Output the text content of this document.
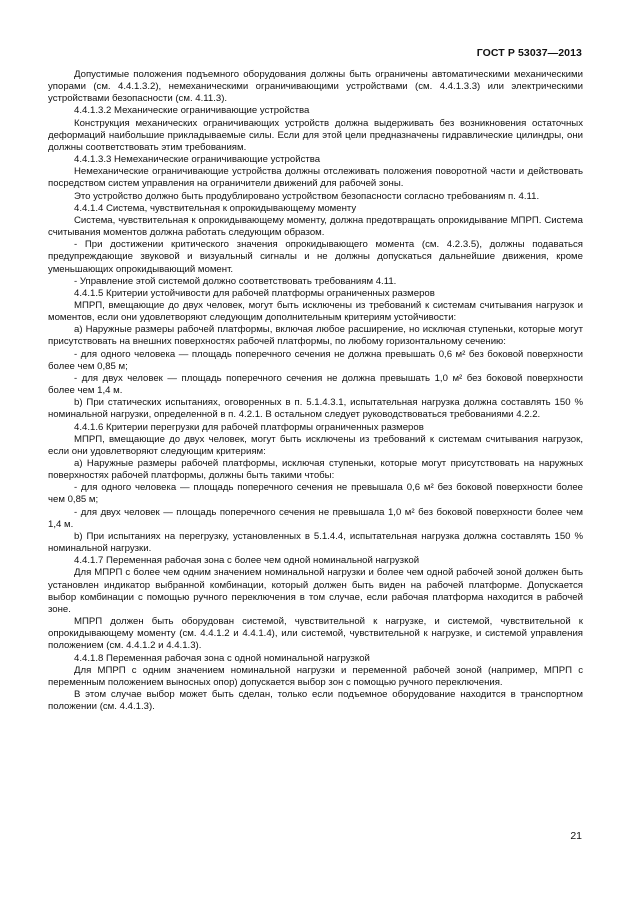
ГОСТ Р 53037—2013

Допустимые положения подъемного оборудования должны быть ограничены автоматическими механическими упорами (см. 4.4.1.3.2), немеханическими ограничивающими устройствами (см. 4.4.1.3.3) или электрическими устройствами безопасности (см. 4.11.3).

4.4.1.3.2 Механические ограничивающие устройства

Конструкция механических ограничивающих устройств должна выдерживать без возникновения остаточных деформаций наибольшие прикладываемые силы. Если для этой цели предназначены гидравлические цилиндры, они должны соответствовать этим требованиям.

4.4.1.3.3 Немеханические ограничивающие устройства

Немеханические ограничивающие устройства должны отслеживать положения поворотной части и действовать посредством систем управления на ограничители движений для рабочей зоны.

Это устройство должно быть продублировано устройством безопасности согласно требованиям п. 4.11.

4.4.1.4 Система, чувствительная к опрокидывающему моменту

Система, чувствительная к опрокидывающему моменту, должна предотвращать опрокидывание МПРП. Система считывания моментов должна работать следующим образом.

- При достижении критического значения опрокидывающего момента (см. 4.2.3.5), должны подаваться предупреждающие звуковой и визуальный сигналы и не должны допускаться дальнейшие движения, кроме уменьшающих опрокидывающий момент.

- Управление этой системой должно соответствовать требованиям 4.11.

4.4.1.5 Критерии устойчивости для рабочей платформы ограниченных размеров

МПРП, вмещающие до двух человек, могут быть исключены из требований к системам считывания нагрузок и моментов, если они удовлетворяют следующим дополнительным критериям устойчивости:

a) Наружные размеры рабочей платформы, включая любое расширение, но исключая ступеньки, которые могут присутствовать на внешних поверхностях рабочей платформы, по любому горизонтальному сечению:

- для одного человека — площадь поперечного сечения не должна превышать 0,6 м² без боковой поверхности более чем 0,85 м;

- для двух человек — площадь поперечного сечения не должна превышать 1,0 м² без боковой поверхности более чем 1,4 м.

b) При статических испытаниях, оговоренных в п. 5.1.4.3.1, испытательная нагрузка должна составлять 150 % номинальной нагрузки, определенной в п. 4.2.1. В остальном следует руководствоваться требованиями 4.2.2.

4.4.1.6 Критерии перегрузки для рабочей платформы ограниченных размеров

МПРП, вмещающие до двух человек, могут быть исключены из требований к системам считывания нагрузок, если они удовлетворяют следующим критериям:

a) Наружные размеры рабочей платформы, исключая ступеньки, которые могут присутствовать на наружных поверхностях рабочей платформы, должны быть такими чтобы:

- для одного человека — площадь поперечного сечения не превышала 0,6 м² без боковой поверхности более чем 0,85 м;

- для двух человек — площадь поперечного сечения не превышала 1,0 м² без боковой поверхности более чем 1,4 м.

b) При испытаниях на перегрузку, установленных в 5.1.4.4, испытательная нагрузка должна составлять 150 % номинальной нагрузки.

4.4.1.7 Переменная рабочая зона с более чем одной номинальной нагрузкой

Для МПРП с более чем одним значением номинальной нагрузки и более чем одной рабочей зоной должен быть установлен индикатор выбранной комбинации, который должен быть виден на рабочей платформе. Допускается выбор комбинации с помощью ручного переключения в том случае, если рабочая платформа находится в рабочей зоне.

МПРП должен быть оборудован системой, чувствительной к нагрузке, и системой, чувствительной к опрокидывающему моменту (см. 4.4.1.2 и 4.4.1.4), или системой, чувствительной к нагрузке, и системой управления положением (см. 4.4.1.2 и 4.4.1.3).

4.4.1.8 Переменная рабочая зона с одной номинальной нагрузкой

Для МПРП с одним значением номинальной нагрузки и переменной рабочей зоной (например, МПРП с переменным положением выносных опор) допускается выбор зон с помощью ручного переключения.

В этом случае выбор может быть сделан, только если подъемное оборудование находится в транспортном положении (см. 4.4.1.3).

21
